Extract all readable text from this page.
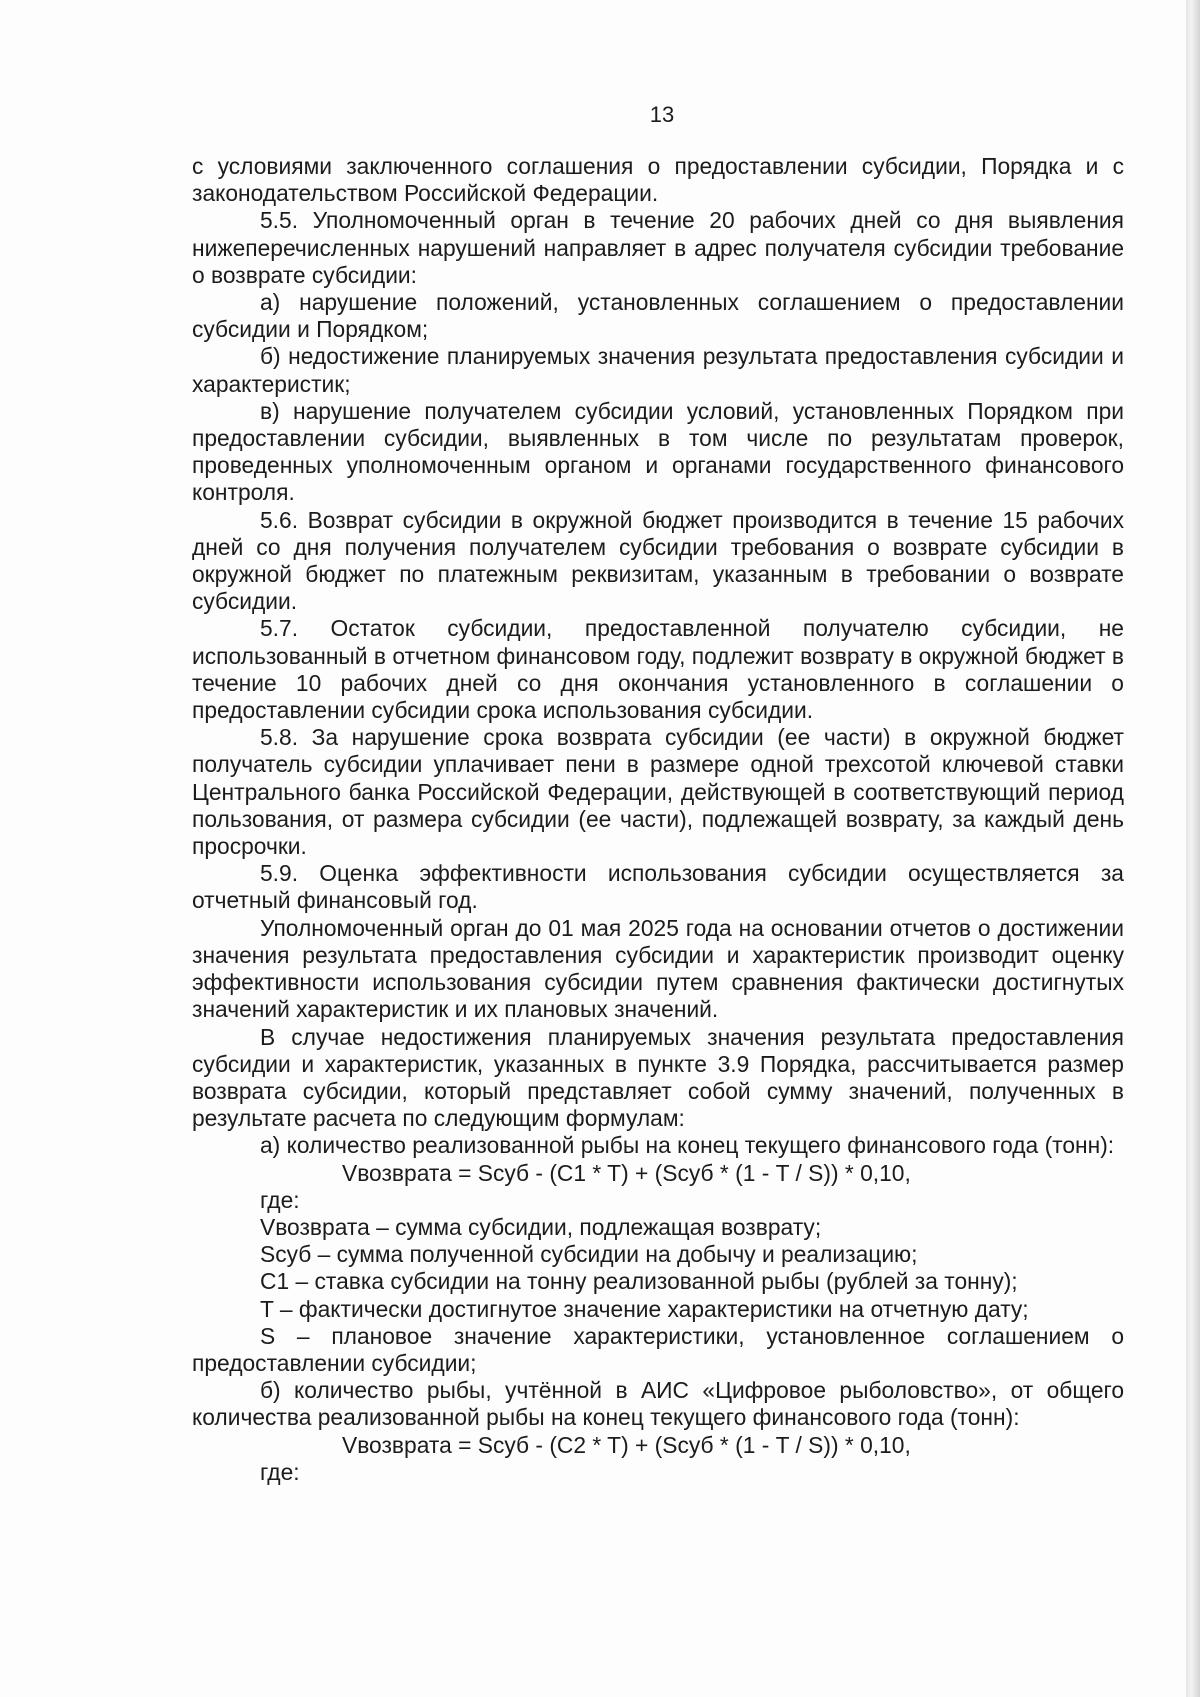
13

с условиями заключенного соглашения о предоставлении субсидии, Порядка и с законодательством Российской Федерации.

5.5. Уполномоченный орган в течение 20 рабочих дней со дня выявления нижеперечисленных нарушений направляет в адрес получателя субсидии требование о возврате субсидии:

а) нарушение положений, установленных соглашением о предоставлении субсидии и Порядком;

б) недостижение планируемых значения результата предоставления субсидии и характеристик;

в) нарушение получателем субсидии условий, установленных Порядком при предоставлении субсидии, выявленных в том числе по результатам проверок, проведенных уполномоченным органом и органами государственного финансового контроля.

5.6. Возврат субсидии в окружной бюджет производится в течение 15 рабочих дней со дня получения получателем субсидии требования о возврате субсидии в окружной бюджет по платежным реквизитам, указанным в требовании о возврате субсидии.

5.7. Остаток субсидии, предоставленной получателю субсидии, не использованный в отчетном финансовом году, подлежит возврату в окружной бюджет в течение 10 рабочих дней со дня окончания установленного в соглашении о предоставлении субсидии срока использования субсидии.

5.8. За нарушение срока возврата субсидии (ее части) в окружной бюджет получатель субсидии уплачивает пени в размере одной трехсотой ключевой ставки Центрального банка Российской Федерации, действующей в соответствующий период пользования, от размера субсидии (ее части), подлежащей возврату, за каждый день просрочки.

5.9. Оценка эффективности использования субсидии осуществляется за отчетный финансовый год.

Уполномоченный орган до 01 мая 2025 года на основании отчетов о достижении значения результата предоставления субсидии и характеристик производит оценку эффективности использования субсидии путем сравнения фактически достигнутых значений характеристик и их плановых значений.

В случае недостижения планируемых значения результата предоставления субсидии и характеристик, указанных в пункте 3.9 Порядка, рассчитывается размер возврата субсидии, который представляет собой сумму значений, полученных в результате расчета по следующим формулам:

а) количество реализованной рыбы на конец текущего финансового года (тонн):

Vвозврата = Sсуб - (C1 * T) + (Sсуб * (1 - T / S)) * 0,10,

где:

Vвозврата – сумма субсидии, подлежащая возврату;

Sсуб – сумма полученной субсидии на добычу и реализацию;

C1 – ставка субсидии на тонну реализованной рыбы (рублей за тонну);

T – фактически достигнутое значение характеристики на отчетную дату;

S – плановое значение характеристики, установленное соглашением о предоставлении субсидии;

б) количество рыбы, учтённой в АИС «Цифровое рыболовство», от общего количества реализованной рыбы на конец текущего финансового года (тонн):

Vвозврата = Sсуб - (C2 * T) + (Sсуб * (1 - T / S)) * 0,10,

где:
